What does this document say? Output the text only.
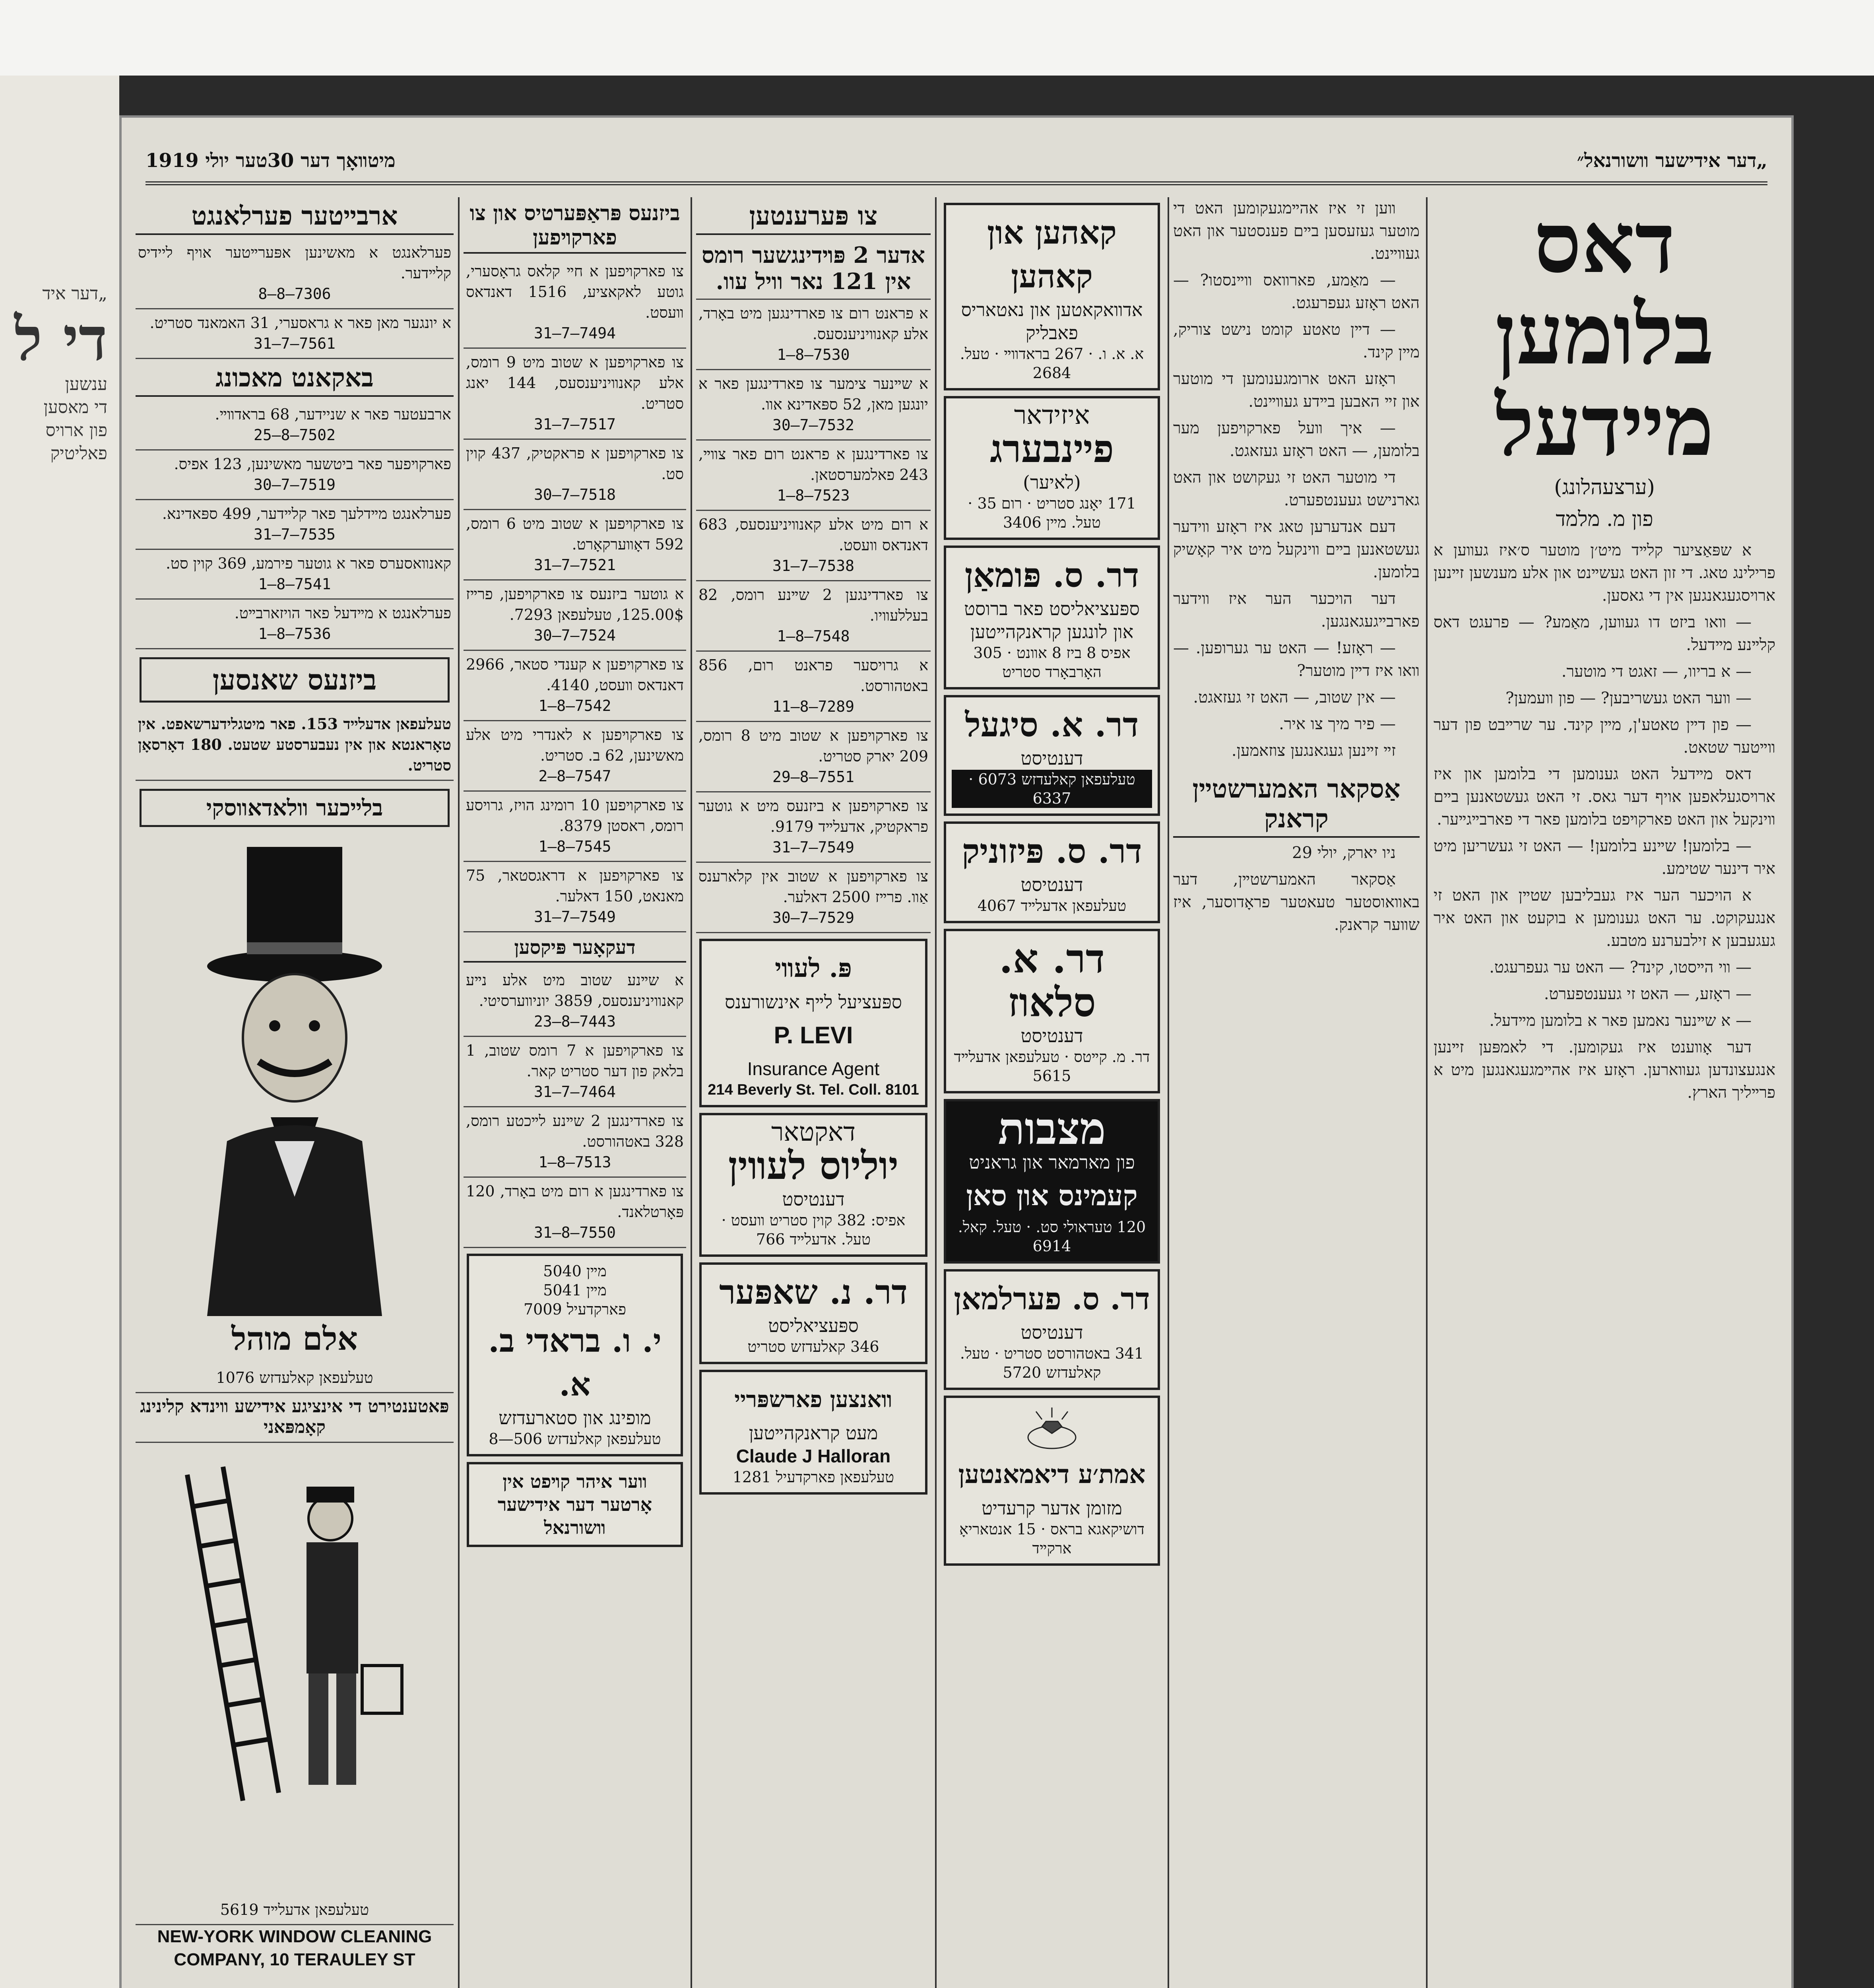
„דער איד
די ל
ענשען
די מאסען
פון ארויס
פאליטיק
„דער אידישער װשורנאל״
מיטװאָך דער 30טער יולי 1919
דאס בלומען מײדעל
(ערצעהלונג)
פון מ. מלמד

א שפּאַציער קלײד מיט׳ן מוטער ס׳איז געװען א פרילינג טאג. די זון האט געשײנט און אלע מענשען זײנען ארױסגעגאנגען אין די גאסען.

— װאו ביזט דו געװען, מאַמע? — פרעגט דאס קלײנע מײדעל.

— א בריוו, — זאגט די מוטער.

— װער האט געשריבען? — פון װעמען?

— פון דײן טאטע'ן, מײן קינד. ער שרײבט פון דער װײטער שטאט.

דאס מײדעל האט גענומען די בלומען און איז ארױסגעלאפען אויף דער גאס. זי האט געשטאנען בײם װינקעל און האט פארקױפט בלומען פאר די פארבײגײער.

— בלומען! שײנע בלומען! — האט זי געשריען מיט איר דינער שטימע.

א הויכער הער איז געבליבען שטײן און האט זי אנגעקוקט. ער האט גענומען א בוקעט און האט איר געגעבען א זילבערנע מטבע.

— װי הײסטו, קינד? — האט ער געפרעגט.

— ראָזע, — האט זי געענטפערט.

— א שײנער נאמען פאר א בלומען מײדעל.

דער אָװענט איז געקומען. די לאמפּען זײנען אנגעצונדען געװארען. ראָזע איז אהײמגעגאנגען מיט א פרײליך הארץ.

װען זי איז אהײמגעקומען האט די מוטער געזעסען בײם פענסטער און האט געװײנט.

— מאַמע, פארװאס װײנסטו? — האט ראָזע געפרעגט.

— דײן טאטע קומט נישט צוריק, מײן קינד.

ראָזע האט ארומגענומען די מוטער און זײ האבען בײדע געװײנט.

— איך װעל פארקױפען מער בלומען, — האט ראָזע געזאגט.

די מוטער האט זי געקושט און האט גארנישט געענטפערט.

דעם אנדערען טאג איז ראָזע װידער געשטאנען בײם װינקעל מיט איר קאָשיק בלומען.

דער הויכער הער איז װידער פארבײגעגאנגען.

— ראָזע! — האט ער גערופען. — װאו איז דײן מוטער?

— אין שטוב, — האט זי געזאגט.

— פיר מיך צו איר.

זײ זײנען געגאנגען צוזאמען.

אַסקאר האמערשטײן קראנק

ניו יארק, יולי 29

אַסקאר האמערשטײן, דער באװאוסטער טעאטער פראָדוסער, איז שװער קראנק.

קאהען און קאהען
אדװאקאטען און נאטאריס פאבליק
א. א. ו. · 267 בראדװײ · טעל. 2684
איזידאר
פײנבערג
(לאיער)
171 יאָנג סטריט · רום 35 · טעל. מײן 3406
דר. ס. פּומאַן
ספּעציאליסט פאר ברוסט און לונגען קראנקהײטען
אפיס 8 ביז 8 אװנט · 305 האָרבאָרד סטריט
דר. א. סיגעל
דענטיסט
טעלעפאן קאלעדזש 6073 · 6337
דר. ס. פּיזוניק
דענטיסט
טעלעפאן אדעלײד 4067
דר. א. סלאוז
דענטיסט
דר. מ. קײטס · טעלעפאן אדעלײד 5615
מצבות
פון מארמאר און גראניט
קעמינס און סאן
120 טעראולי סט. · טעל. קאל. 6914
דר. ס. פערלמאן
דענטיסט
341 באטהורסט סטריט · טעל. קאלעדזש 5720
אמת׳ע דיאמאנטען
מזומן אדער קרעדיט
דושיקאגא בראס · 15 אנטאריאָ ארקײד
צו פּערענטען
אדער 2 פּױדינגשער רומס אין 121 נאר וויל עוו.
א פראנט רום צו פארדינגען מיט באָרד, אלע קאנװיניענסעס.
7530—8—1
א שײנער צימער צו פארדינגען פאר א יונגען מאן, 52 ספּאדינא אװ.
7532—7—30
צו פארדינגען א פראנט רום פאר צװײ, 243 פאלמערסטאן.
7523—8—1
א רום מיט אלע קאנװיניענסעס, 683 דאנדאס װעסט.
7538—7—31
צו פארדינגען 2 שײנע רומס, 82 בעללעװיו.
7548—8—1
א גרויסער פראנט רום, 856 באטהורסט.
7289—8—11
צו פארקױפען א שטוב מיט 8 רומס, 209 יארק סטריט.
7551—8—29
צו פארקױפען א ביזנעס מיט א גוטער פראקטיק, אדעלײד 9179.
7549—7—31
צו פארקױפען א שטוב אין קלארענס אַװ. פרײז 2500 דאלער.
7529—7—30
פּ. לעװי
ספּעציעל לײף אינשורענס
P. LEVI
Insurance Agent
214 Beverly St. Tel. Coll. 8101
דאקטאר
יוליוס לעװין
דענטיסט
אפיס: 382 קוין סטריט װעסט · טעל. אדעלײד 766
דר. נ. שאפּער
ספּעציאליסט
346 קאלעדזש סטריט
װאנצען פארשפּריי
מעט קראנקהײטען
Claude J Halloran
טעלעפאן פארקדעיל 1281
ביזנעס פּראַפּערטיס און צו פארקױפען
צו פארקױפען א חײ קלאס גראָסערי, גוטע לאקאציע, 1516 דאנדאס װעסט.
7494—7—31
צו פארקױפען א שטוב מיט 9 רומס, אלע קאנװיניענסעס, 144 יאנג סטריט.
7517—7—31
צו פארקױפען א פראקטיק, 437 קוין סט.
7518—7—30
צו פארקױפען א שטוב מיט 6 רומס, 592 דאָװערקאָרט.
7521—7—31
א גוטער ביזנעס צו פארקױפען, פרײז 125.00$, טעלעפאן 7293.
7524—7—30
צו פארקױפען א קענדי סטאר, 2966 דאנדאס װעסט, 4140.
7542—8—1
צו פארקױפען א לאנדרי מיט אלע מאשינען, 62 ב. סטריט.
7547—8—2
צו פארקױפען 10 רומינג הויז, גרױסע רומס, ראסטן 8379.
7545—8—1
צו פארקױפען א דראגסטאר, 75 מאנאט, 150 דאלער.
7549—7—31
דעקאָער פּיקסען
א שײנע שטוב מיט אלע נײע קאנװיניענסעס, 3859 יוניװערסיטי.
7443—8—23
צו פארקױפען א 7 רומס שטוב, 1 בלאק פון דער סטריט קאר.
7464—7—31
צו פארדינגען 2 שײנע לײכטע רומס, 328 באטהורסט.
7513—8—1
צו פארדינגען א רום מיט באָרד, 120 פּאָרטלאנד.
7550—8—31
מײן 5040
מײן 5041
פארקדעיל 7009
י. ו. בראדי ב. א.
מופינג און סטארעדזש
טעלעפאן קאלעדזש 506—8
װער איהר קױפט אין אָרטער דער אידישער װשורנאל
ארבײטער פערלאנגט
פערלאנגט א מאשינען אפּערײטער אויף ליידיס קלײדער.
7306—8—8
א יונגער מאן פאר א גראסערי, 31 האמאנד סטריט.
7561—7—31
באקאנט מאכונג
ארבעטער פאר א שניידער, 68 בראדװײ.
7502—8—25
פארקױפער פאר ביטשער מאשינען, 123 אפיס.
7519—7—30
פערלאנגט מײדלעך פאר קלײדער, 499 ספּאדינא.
7535—7—31
קאנװאסערס פאר א גוטער פירמע, 369 קוין סט.
7541—8—1
פערלאנגט א מײדעל פאר הויזארבײט.
7536—8—1
ביזנעס שאנסען
טעלעפאן אדעלײד 153. פאר מיטגלידערשאפט. אין טאָראנטא און אין נעבערסטע שטעט. 180 דאָרסאָן סטריט.
בלײכער װלאדאװסקי
אלם מוהל
טעלעפאן קאלעדזש 1076
פּאטענטירט די אינציגע אידישע װינדא קלינינג קאָמפּאני
טעלעפאן אדעלײד 5619
NEW-YORK WINDOW CLEANING
COMPANY, 10 TERAULEY ST
